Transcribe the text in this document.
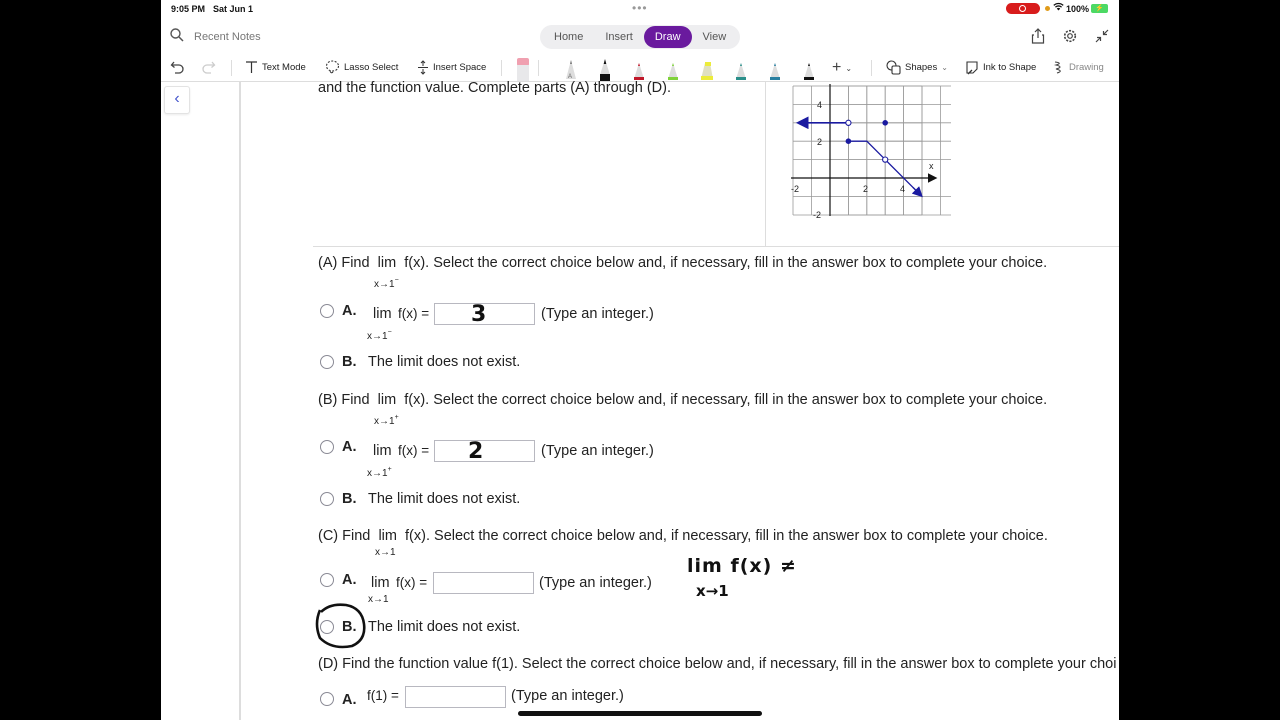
9:05 PM Sat Jun 1	•••	100% ⚡
Recent Notes	Home	Insert	Draw	View
Text Mode	Lasso Select	Insert Space
A
+ ⌄	Shapes ⌄	Ink to Shape	Drawing
‹
and the function value. Complete parts (A) through (D).
x
-2	2	4
4
2
-2
(A) Find lim f(x). Select the correct choice below and, if necessary, fill in the answer box to complete your choice.
x→1−
A. lim f(x) =
x→1−
3	(Type an integer.)
B. The limit does not exist.
(B) Find lim f(x). Select the correct choice below and, if necessary, fill in the answer box to complete your choice.
x→1+
A. lim f(x) =
x→1+
2	(Type an integer.)
B. The limit does not exist.
(C) Find lim f(x). Select the correct choice below and, if necessary, fill in the answer box to complete your choice.
x→1
A. lim f(x) =
x→1
(Type an integer.)
B. The limit does not exist.
lim f(x) ≠
x→1
(D) Find the function value f(1). Select the correct choice below and, if necessary, fill in the answer box to complete your choi
A. f(1) =	(Type an integer.)
